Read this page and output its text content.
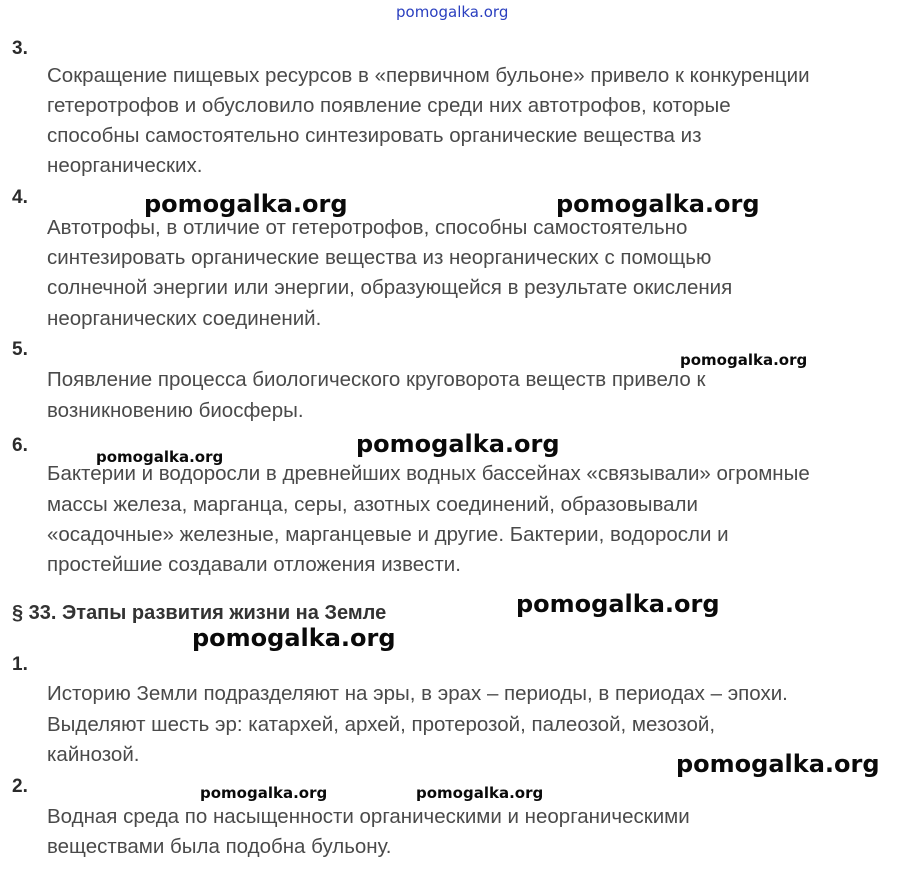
pomogalka.org
3.
Сокращение пищевых ресурсов в «первичном бульоне» привело к конкуренции
гетеротрофов и обусловило появление среди них автотрофов, которые
способны самостоятельно синтезировать органические вещества из
неорганических.
4.
Автотрофы, в отличие от гетеротрофов, способны самостоятельно
синтезировать органические вещества из неорганических с помощью
солнечной энергии или энергии, образующейся в результате окисления
неорганических соединений.
5.
Появление процесса биологического круговорота веществ привело к
возникновению биосферы.
6.
Бактерии и водоросли в древнейших водных бассейнах «связывали» огромные
массы железа, марганца, серы, азотных соединений, образовывали
«осадочные» железные, марганцевые и другие. Бактерии, водоросли и
простейшие создавали отложения извести.
§ 33. Этапы развития жизни на Земле
1.
Историю Земли подразделяют на эры, в эрах – периоды, в периодах – эпохи.
Выделяют шесть эр: катархей, архей, протерозой, палеозой, мезозой,
кайнозой.
2.
Водная среда по насыщенности органическими и неорганическими
веществами была подобна бульону.
pomogalka.org	pomogalka.org
pomogalka.org
pomogalka.org
pomogalka.org
pomogalka.org
pomogalka.org
pomogalka.org
pomogalka.org	pomogalka.org
